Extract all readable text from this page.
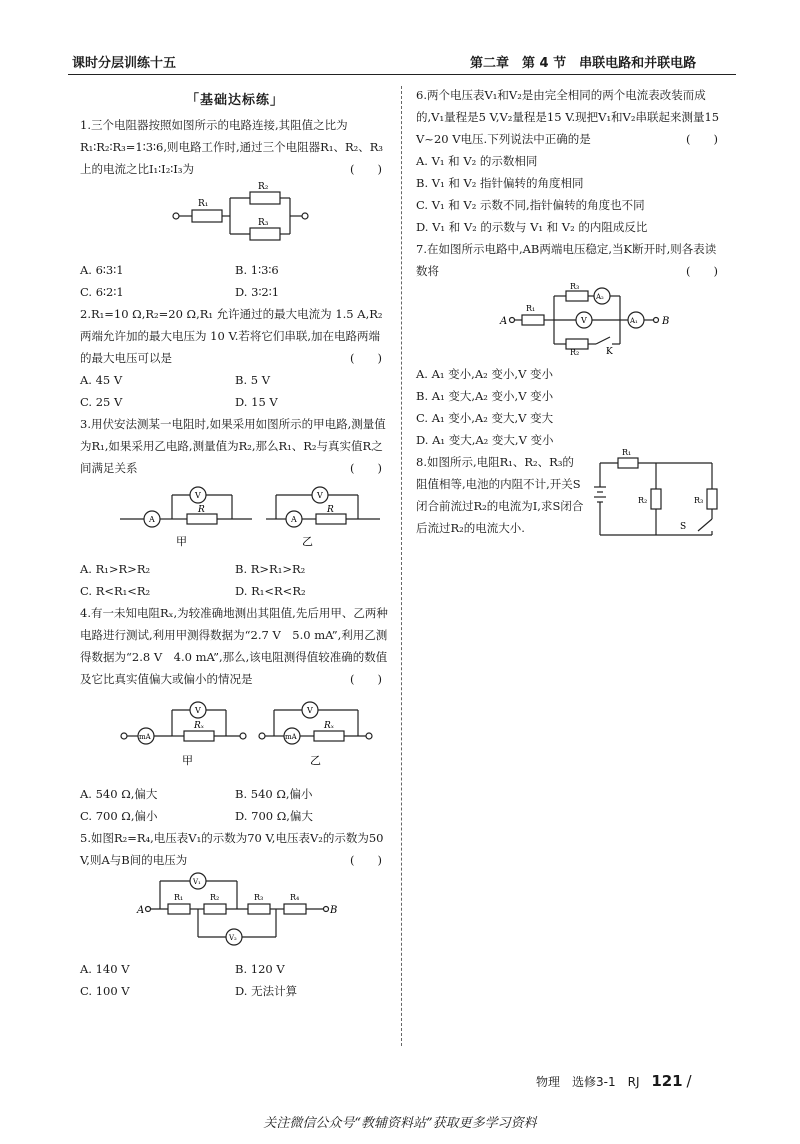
课时分层训练十五	第二章　第 4 节　串联电路和并联电路
「基础达标练」

1.三个电阻器按照如图所示的电路连接,其阻值之比为R₁∶R₂∶R₃=1∶3∶6,则电路工作时,通过三个电阻器R₁、R₂、R₃上的电流之比I₁∶I₂∶I₃为	(　　)

R₁
R₂
R₃
A. 6∶3∶1	B. 1∶3∶6
C. 6∶2∶1	D. 3∶2∶1

2.R₁=10 Ω,R₂=20 Ω,R₁ 允许通过的最大电流为 1.5 A,R₂ 两端允许加的最大电压为 10 V.若将它们串联,加在电路两端的最大电压可以是	(　　)

A. 45 V	B. 5 V
C. 25 V	D. 15 V

3.用伏安法测某一电阻时,如果采用如图所示的甲电路,测量值为R₁,如果采用乙电路,测量值为R₂,那么R₁、R₂与真实值R之间满足关系	(　　)

A
V
R
A
V
R
甲	乙
A. R₁>R>R₂	B. R>R₁>R₂
C. R<R₁<R₂	D. R₁<R<R₂

4.有一未知电阻Rₓ,为较准确地测出其阻值,先后用甲、乙两种电路进行测试,利用甲测得数据为“2.7 V　5.0 mA”,利用乙测得数据为“2.8 V　4.0 mA”,那么,该电阻测得值较准确的数值及它比真实值偏大或偏小的情况是	(　　)

mA
V
Rₓ
mA
V
Rₓ
甲	乙
A. 540 Ω,偏大	B. 540 Ω,偏小
C. 700 Ω,偏小	D. 700 Ω,偏大

5.如图R₂=R₄,电压表V₁的示数为70 V,电压表V₂的示数为50 V,则A与B间的电压为	(　　)

A	B
R₁	R₂	R₃	R₄
V₁
V₂
A. 140 V	B. 120 V
C. 100 V	D. 无法计算

6.两个电压表V₁和V₂是由完全相同的两个电流表改装而成的,V₁量程是5 V,V₂量程是15 V.现把V₁和V₂串联起来测量15 V~20 V电压.下列说法中正确的是	(　　)

A. V₁ 和 V₂ 的示数相同
B. V₁ 和 V₂ 指针偏转的角度相同
C. V₁ 和 V₂ 示数不同,指针偏转的角度也不同
D. V₁ 和 V₂ 的示数与 V₁ 和 V₂ 的内阻成反比

7.在如图所示电路中,AB两端电压稳定,当K断开时,则各表读数将	(　　)

A	B
R₁
R₂
R₃
A₁
A₂
V
K
A. A₁ 变小,A₂ 变小,V 变小
B. A₁ 变大,A₂ 变小,V 变小
C. A₁ 变小,A₂ 变大,V 变大
D. A₁ 变大,A₂ 变大,V 变小

8.如图所示,电阻R₁、R₂、R₃的阻值相等,电池的内阻不计,开关S闭合前流过R₂的电流为I,求S闭合后流过R₂的电流大小.

R₁
R₂	R₃
S
物理　选修3-1　RJ 121 /
关注微信公众号“教辅资料站”获取更多学习资料
